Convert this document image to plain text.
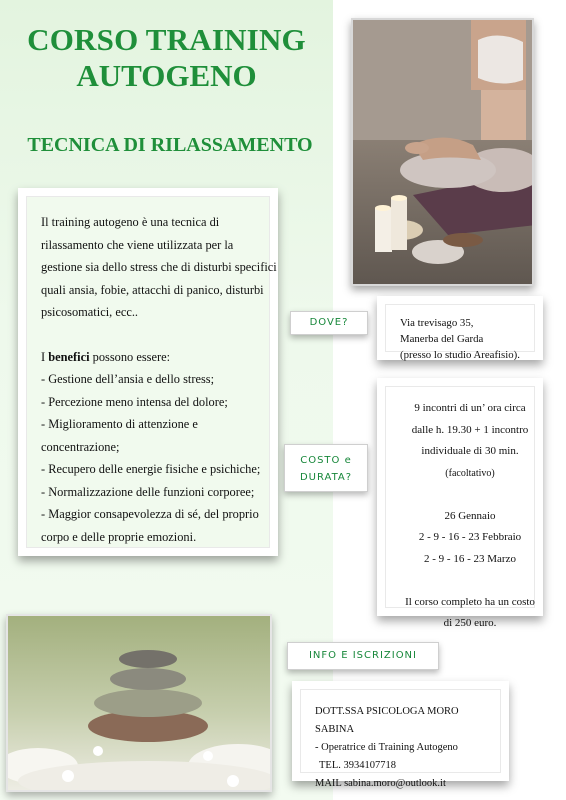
CORSO TRAINING
AUTOGENO
TECNICA DI RILASSAMENTO

Il training autogeno è una tecnica di rilassamento che viene utilizzata per la gestione sia dello stress che di disturbi specifici quali ansia, fobie, attacchi di panico, disturbi psicosomatici, ecc..

I benefici possono essere:

- Gestione dell’ansia e dello stress;

- Percezione meno intensa del dolore;

- Miglioramento di attenzione e concentrazione;

- Recupero delle energie fisiche e psichiche;

- Normalizzazione delle funzioni corporee;

- Maggior consapevolezza di sé, del proprio corpo e delle proprie emozioni.

DOVE?	Via trevisago 35,
Manerba del Garda
(presso lo studio Areafisio).
COSTO e
DURATA?
9 incontri di un’ ora circa
dalle h. 19.30 + 1 incontro
individuale di 30 min.
(facoltativo)
26 Gennaio
2 - 9 - 16 - 23 Febbraio
2 - 9 - 16 - 23 Marzo
Il corso completo ha un costo
di 250 euro.
INFO E ISCRIZIONI
DOTT.SSA PSICOLOGA MORO SABINA
- Operatrice di Training Autogeno
TEL. 3934107718
MAIL sabina.moro@outlook.it
